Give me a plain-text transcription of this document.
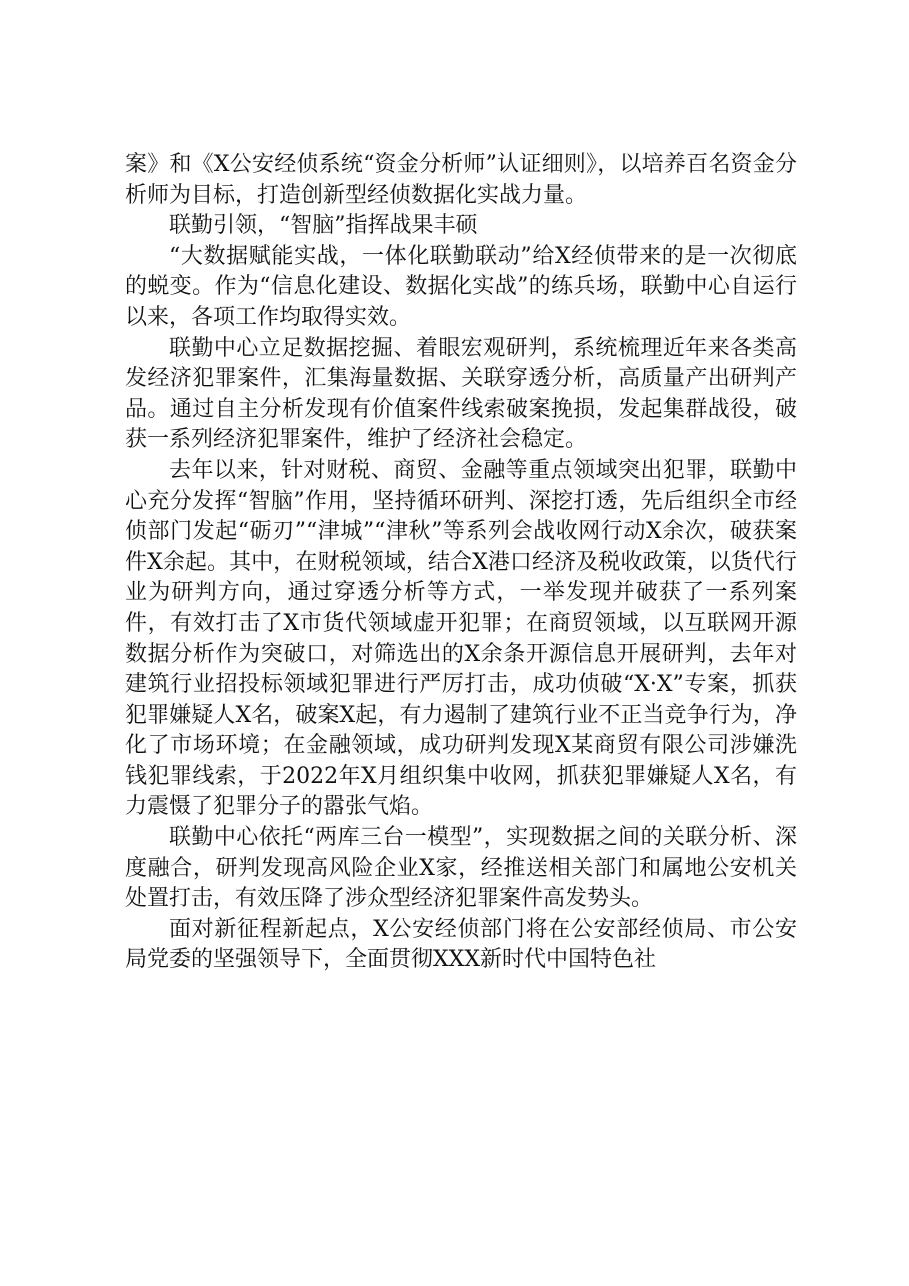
案》和《X公安经侦系统“资金分析师”认证细则》，以培养百名资金分析师为目标，打造创新型经侦数据化实战力量。

联勤引领，“智脑”指挥战果丰硕

“大数据赋能实战，一体化联勤联动”给X经侦带来的是一次彻底的蜕变。作为“信息化建设、数据化实战”的练兵场，联勤中心自运行以来，各项工作均取得实效。

联勤中心立足数据挖掘、着眼宏观研判，系统梳理近年来各类高发经济犯罪案件，汇集海量数据、关联穿透分析，高质量产出研判产品。通过自主分析发现有价值案件线索破案挽损，发起集群战役，破获一系列经济犯罪案件，维护了经济社会稳定。

去年以来，针对财税、商贸、金融等重点领域突出犯罪，联勤中心充分发挥“智脑”作用，坚持循环研判、深挖打透，先后组织全市经侦部门发起“砺刃”“津城”“津秋”等系列会战收网行动X余次，破获案件X余起。其中，在财税领域，结合X港口经济及税收政策，以货代行业为研判方向，通过穿透分析等方式，一举发现并破获了一系列案件，有效打击了X市货代领域虚开犯罪；在商贸领域，以互联网开源数据分析作为突破口，对筛选出的X余条开源信息开展研判，去年对建筑行业招投标领域犯罪进行严厉打击，成功侦破“X·X”专案，抓获犯罪嫌疑人X名，破案X起，有力遏制了建筑行业不正当竞争行为，净化了市场环境；在金融领域，成功研判发现X某商贸有限公司涉嫌洗钱犯罪线索，于2022年X月组织集中收网，抓获犯罪嫌疑人X名，有力震慑了犯罪分子的嚣张气焰。

联勤中心依托“两库三台一模型”，实现数据之间的关联分析、深度融合，研判发现高风险企业X家，经推送相关部门和属地公安机关处置打击，有效压降了涉众型经济犯罪案件高发势头。

面对新征程新起点，X公安经侦部门将在公安部经侦局、市公安局党委的坚强领导下，全面贯彻XXX新时代中国特色社
